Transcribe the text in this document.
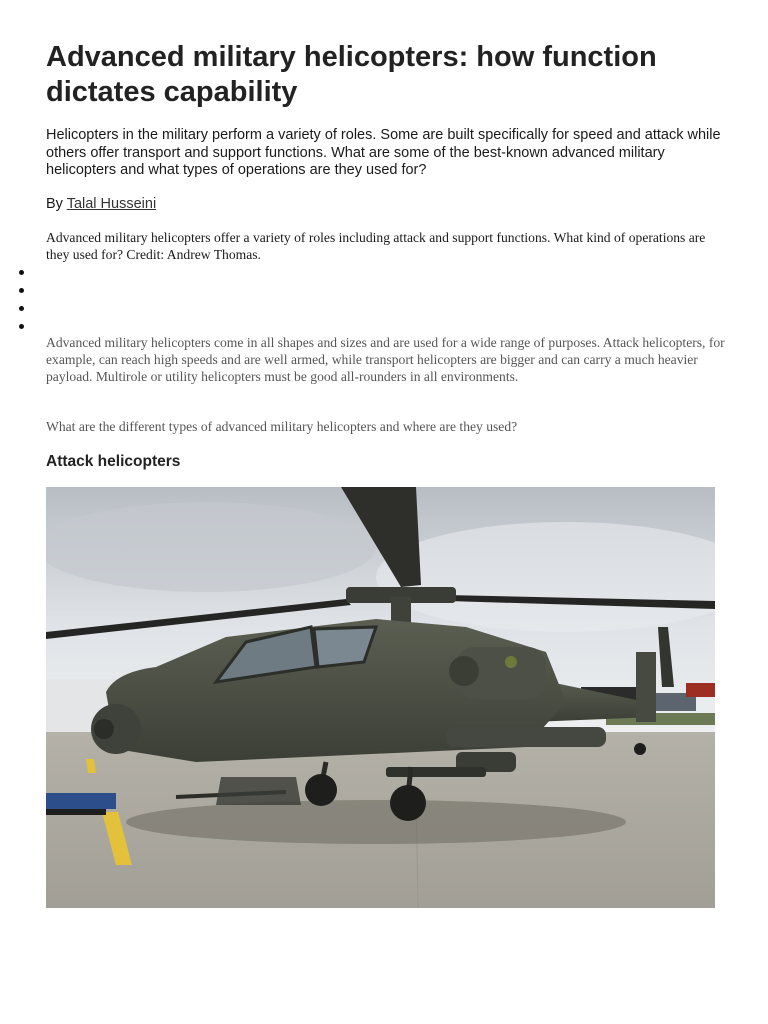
Advanced military helicopters: how function dictates capability

Helicopters in the military perform a variety of roles. Some are built specifically for speed and attack while others offer transport and support functions. What are some of the best-known advanced military helicopters and what types of operations are they used for?

By Talal Husseini

Advanced military helicopters offer a variety of roles including attack and support functions. What kind of operations are they used for? Credit: Andrew Thomas.

Advanced military helicopters come in all shapes and sizes and are used for a wide range of purposes. Attack helicopters, for example, can reach high speeds and are well armed, while transport helicopters are bigger and can carry a much heavier payload. Multirole or utility helicopters must be good all-rounders in all environments.

What are the different types of advanced military helicopters and where are they used?

Attack helicopters
